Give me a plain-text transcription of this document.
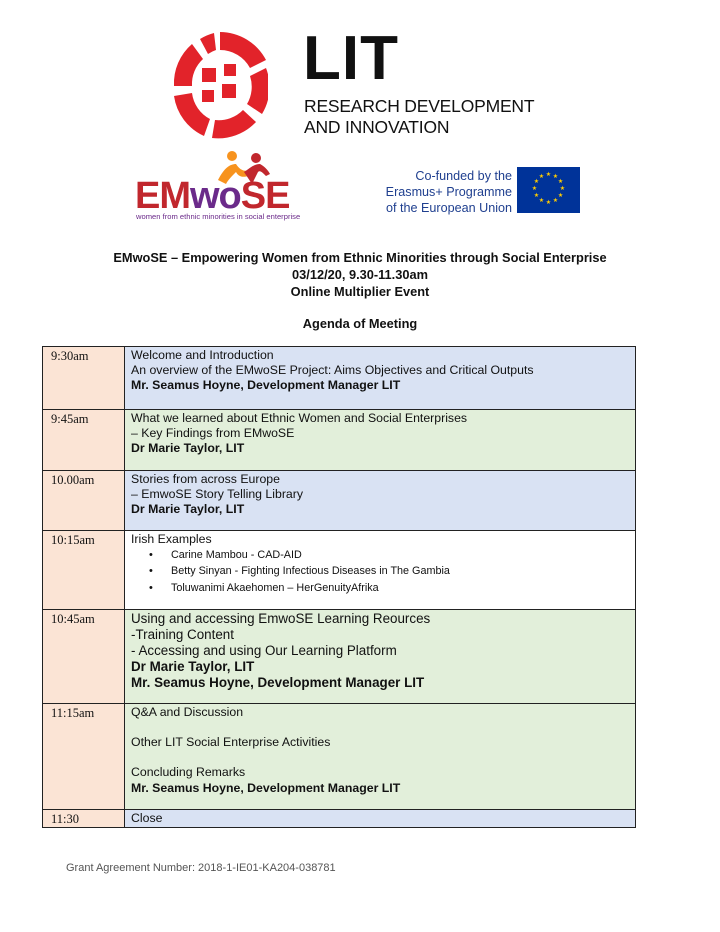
LIT
RESEARCH DEVELOPMENT
AND INNOVATION
EMwoSE
women from ethnic minorities in social enterprise
Co-funded by the
Erasmus+ Programme
of the European Union
★ ★
★
★
★
★
★
★
★
★
★
★
EMwoSE – Empowering Women from Ethnic Minorities through Social Enterprise
03/12/20, 9.30-11.30am
Online Multiplier Event
Agenda of Meeting
9:30am	Welcome and Introduction
An overview of the EMwoSE Project: Aims Objectives and Critical Outputs
Mr. Seamus Hoyne, Development Manager LIT
9:45am	What we learned about Ethnic Women and Social Enterprises
– Key Findings from EMwoSE
Dr Marie Taylor, LIT
10.00am	Stories from across Europe
– EmwoSE Story Telling Library
Dr Marie Taylor, LIT
10:15am	Irish Examples
• Carine Mambou - CAD-AID
• Betty Sinyan - Fighting Infectious Diseases in The Gambia
• Toluwanimi Akaehomen – HerGenuityAfrika
10:45am	Using and accessing EmwoSE Learning Reources
-Training Content
- Accessing and using Our Learning Platform
Dr Marie Taylor, LIT
Mr. Seamus Hoyne, Development Manager LIT
11:15am	Q&A and Discussion
Other LIT Social Enterprise Activities
Concluding Remarks
Mr. Seamus Hoyne, Development Manager LIT
11:30	Close
Grant Agreement Number: 2018-1-IE01-KA204-038781
